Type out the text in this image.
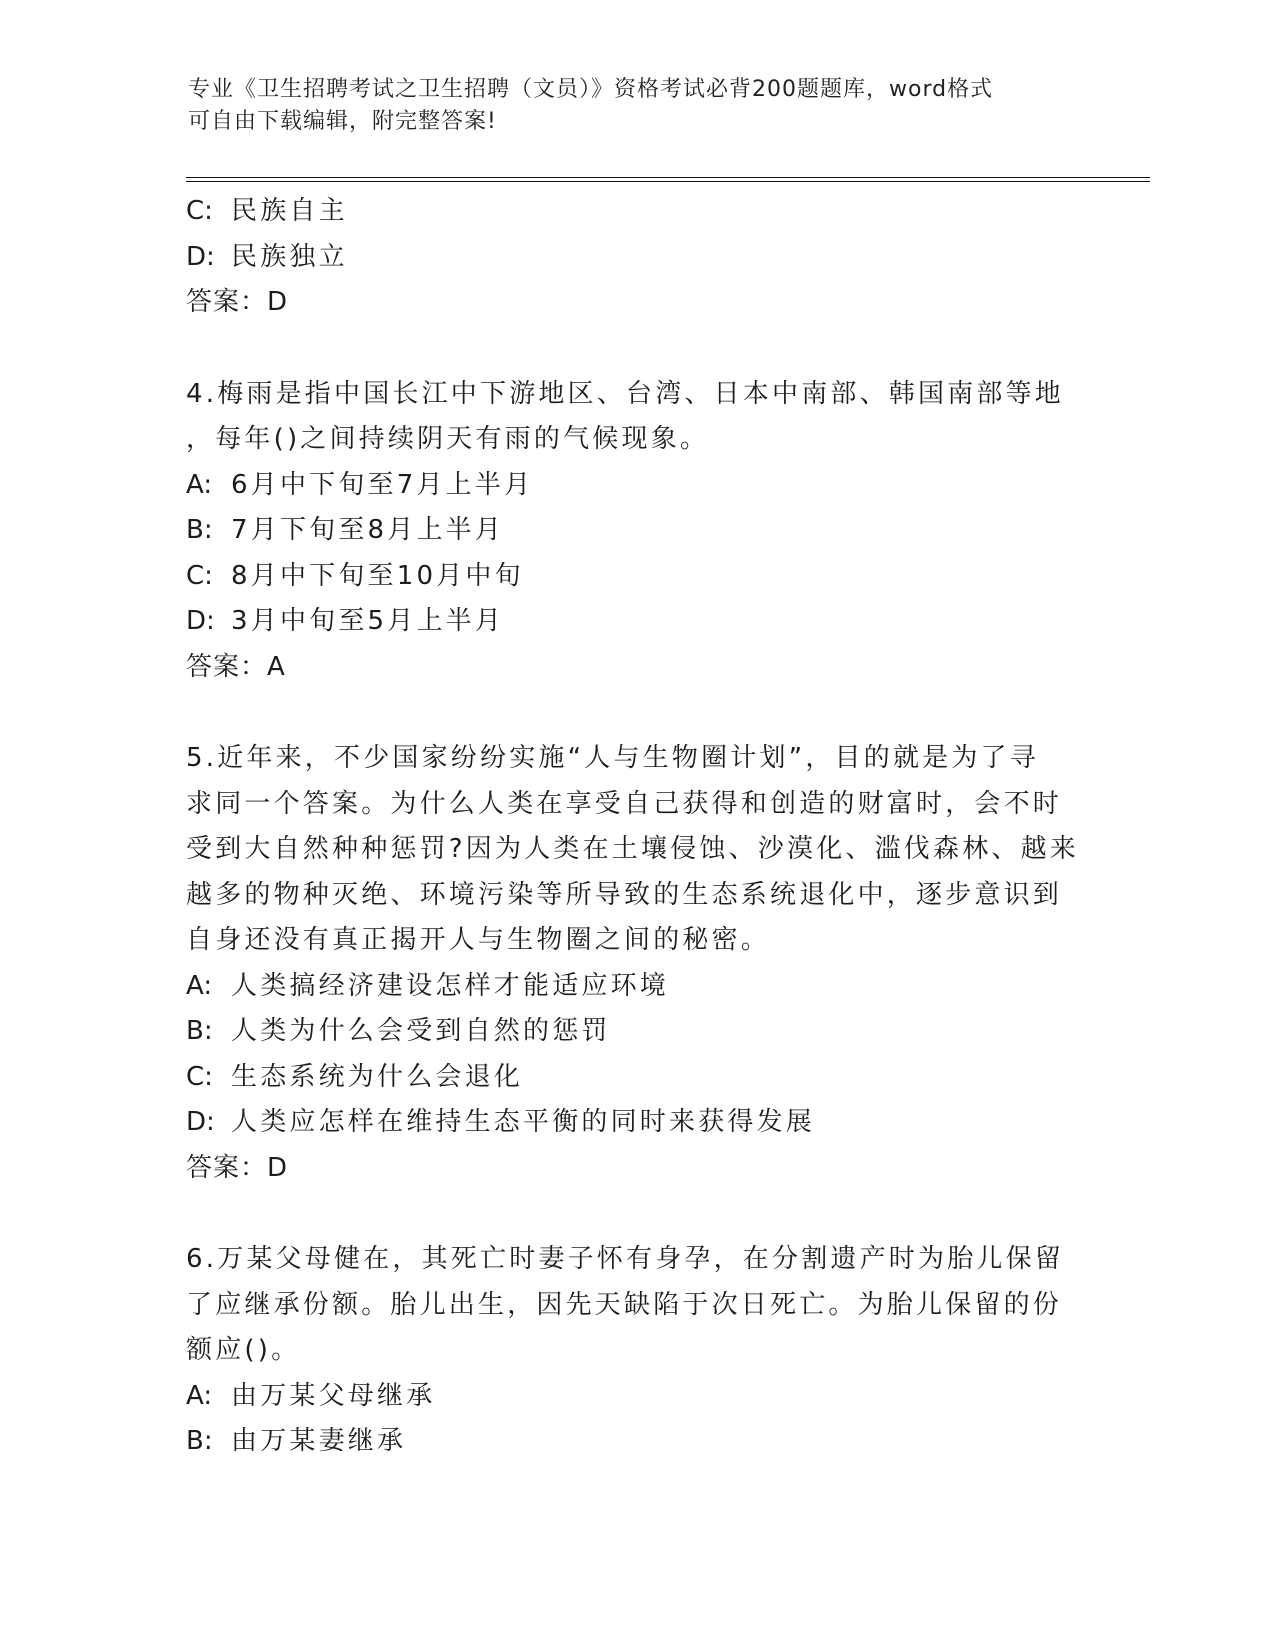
专业《卫生招聘考试之卫生招聘（文员）》资格考试必背200题题库，word格式
可自由下载编辑，附完整答案!
C: 民族自主
D: 民族独立
答案：D
4.梅雨是指中国长江中下游地区、台湾、日本中南部、韩国南部等地
，每年()之间持续阴天有雨的气候现象。
A: 6月中下旬至7月上半月
B: 7月下旬至8月上半月
C: 8月中下旬至10月中旬
D: 3月中旬至5月上半月
答案：A
5.近年来，不少国家纷纷实施“人与生物圈计划”，目的就是为了寻
求同一个答案。为什么人类在享受自己获得和创造的财富时，会不时
受到大自然种种惩罚?因为人类在土壤侵蚀、沙漠化、滥伐森林、越来
越多的物种灭绝、环境污染等所导致的生态系统退化中，逐步意识到
自身还没有真正揭开人与生物圈之间的秘密。
A: 人类搞经济建设怎样才能适应环境
B: 人类为什么会受到自然的惩罚
C: 生态系统为什么会退化
D: 人类应怎样在维持生态平衡的同时来获得发展
答案：D
6.万某父母健在，其死亡时妻子怀有身孕，在分割遗产时为胎儿保留
了应继承份额。胎儿出生，因先天缺陷于次日死亡。为胎儿保留的份
额应()。
A: 由万某父母继承
B: 由万某妻继承
